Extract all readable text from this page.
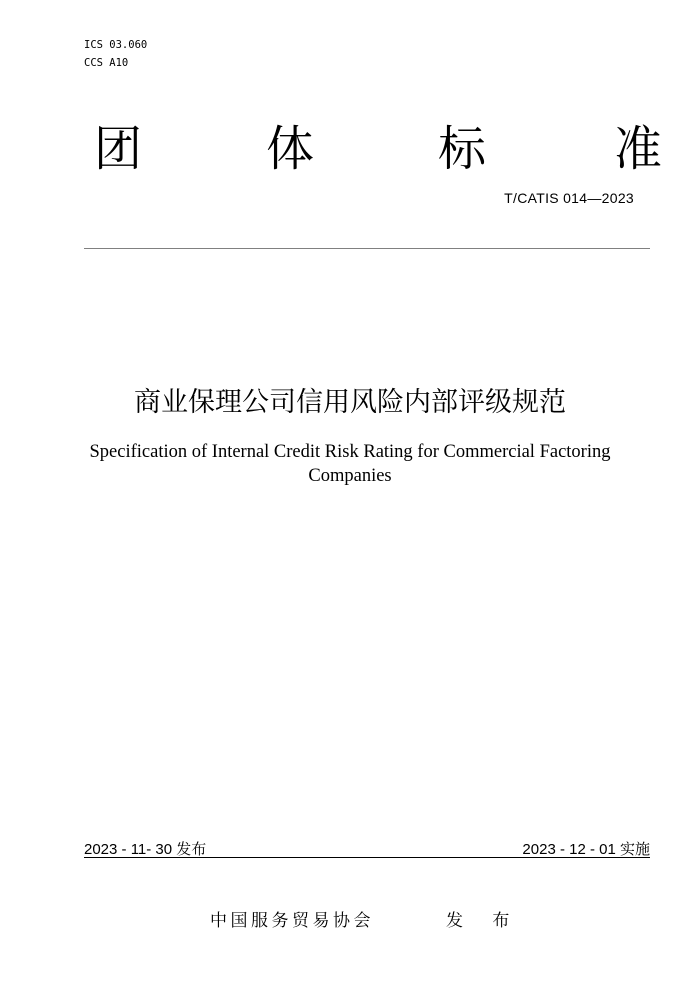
ICS 03.060
CCS A10
团	体	标	准
T/CATIS 014—2023
商业保理公司信用风险内部评级规范
Specification of Internal Credit Risk Rating for Commercial Factoring Companies
2023 - 11- 30 发布	2023 - 12 - 01 实施
中国服务贸易协会	发 布
